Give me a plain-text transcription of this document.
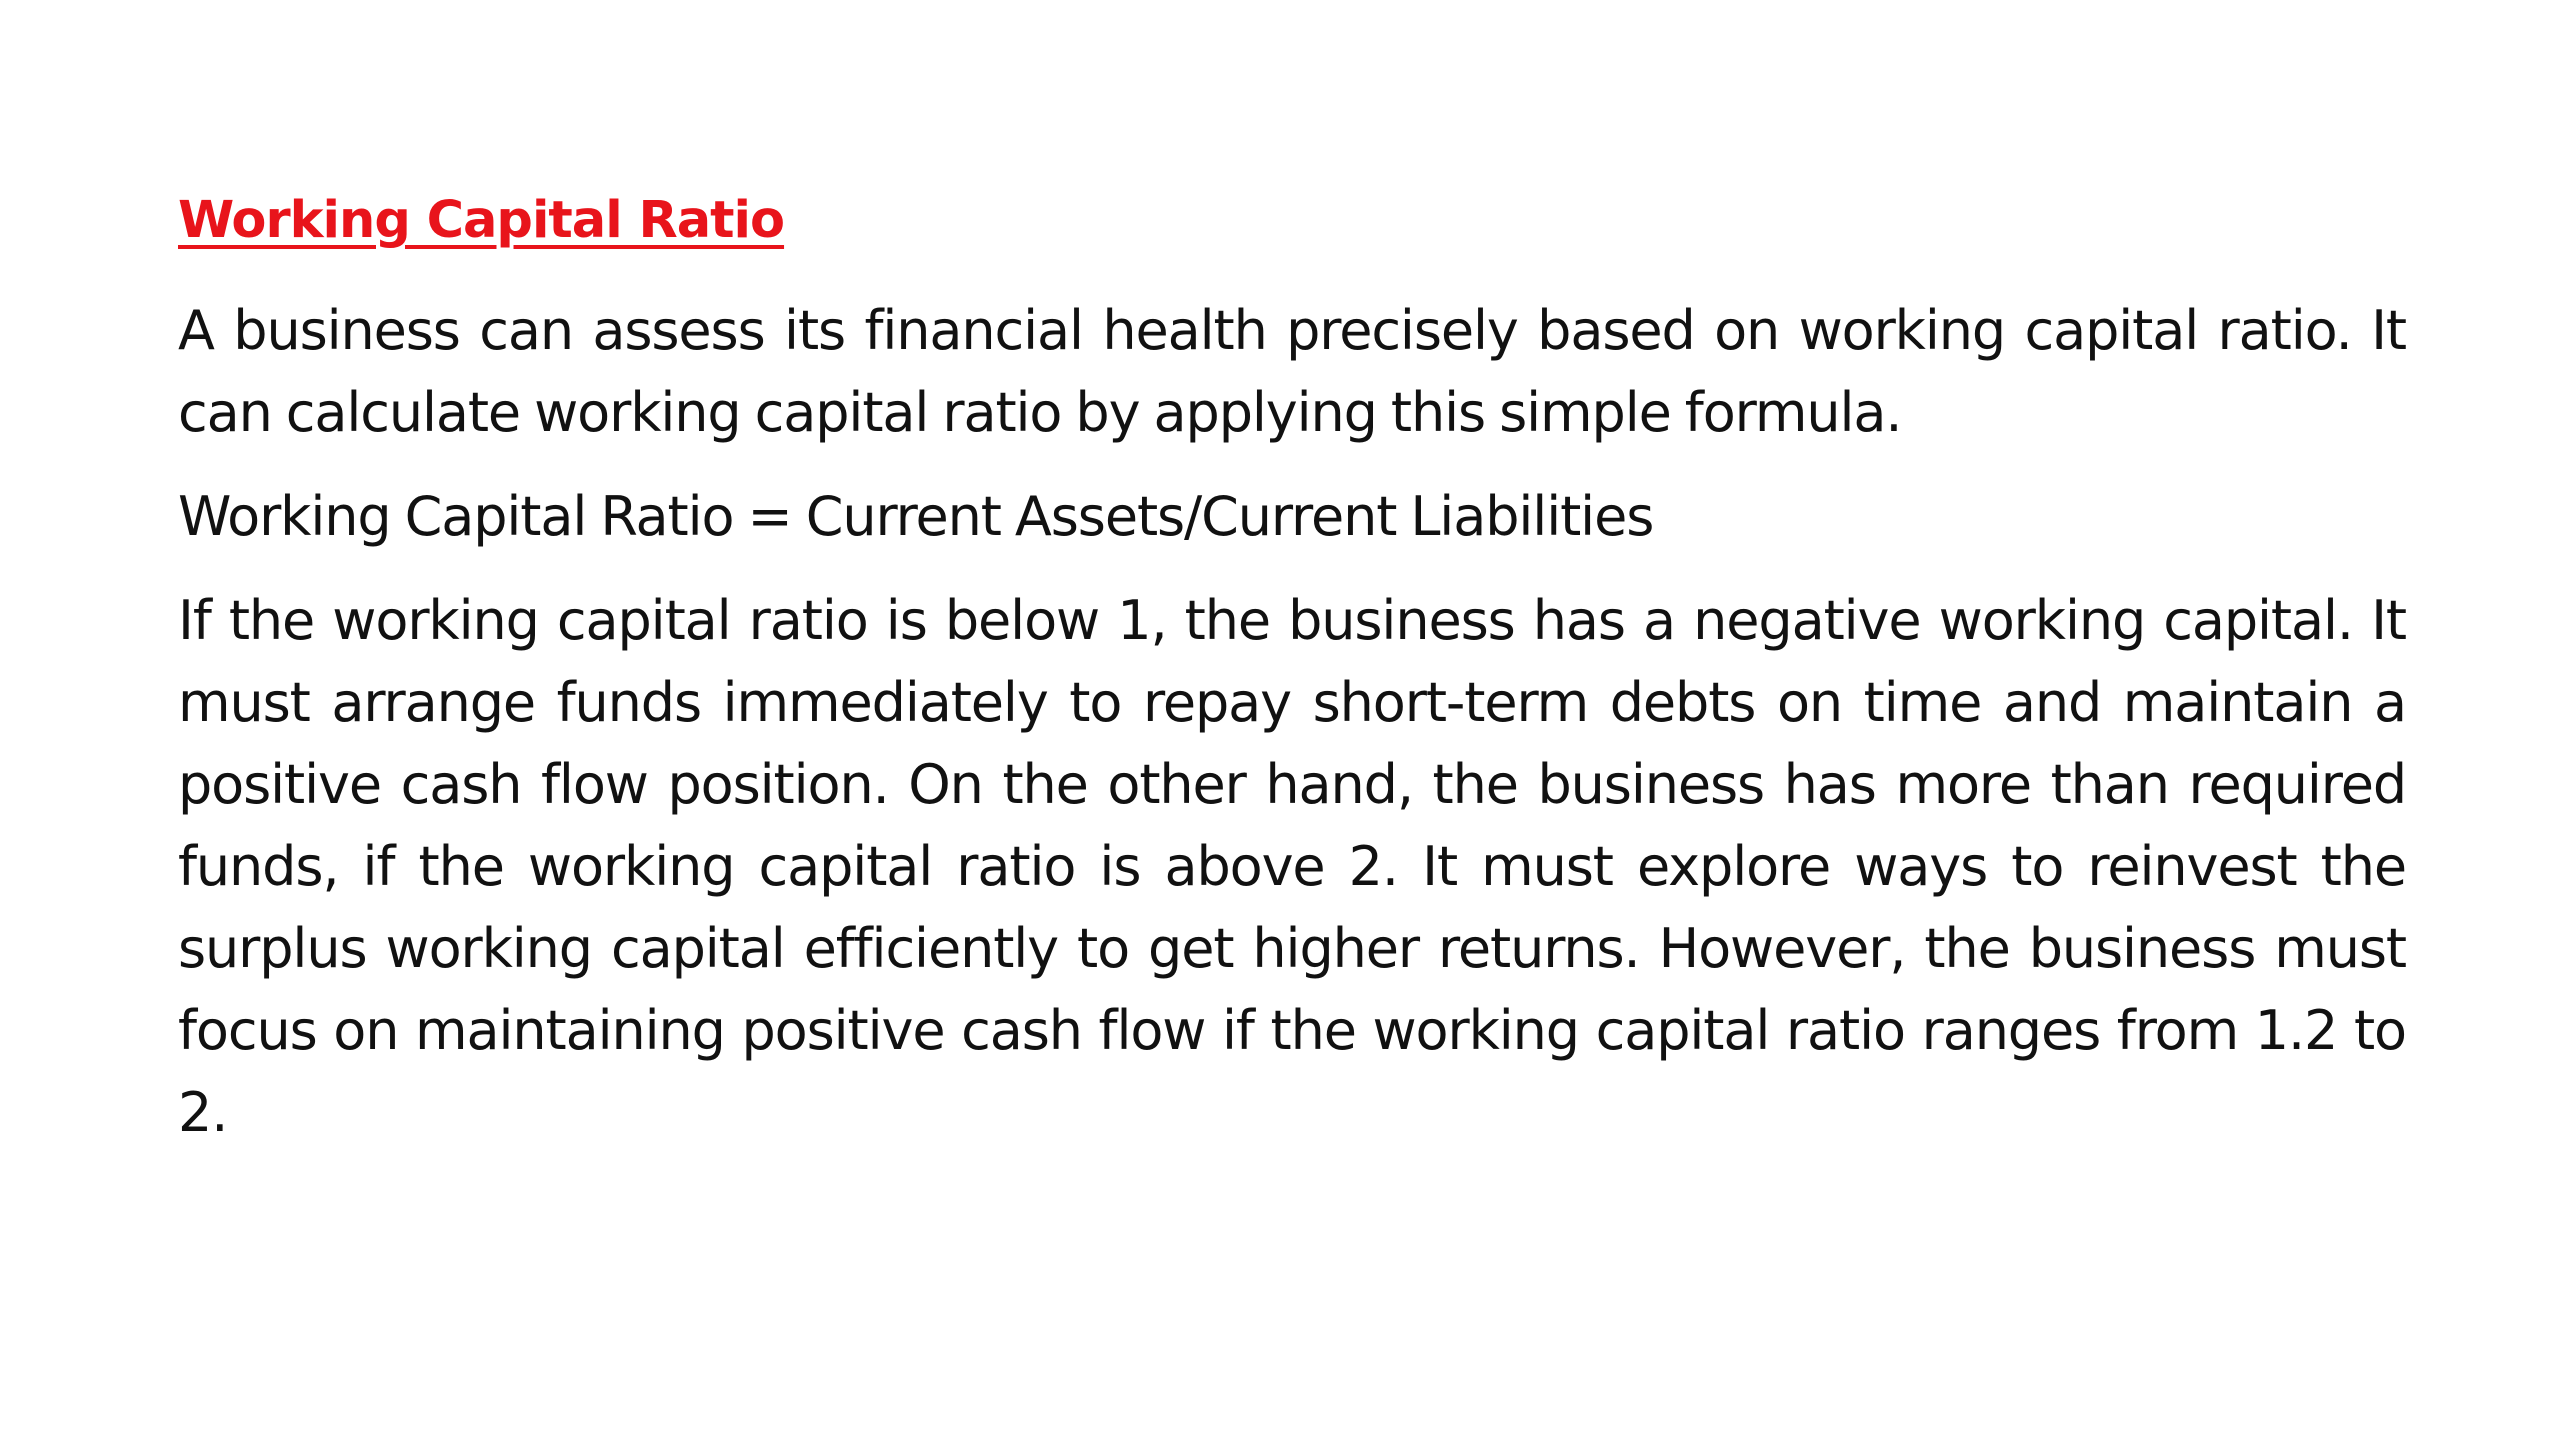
Working Capital Ratio

A business can assess its financial health precisely based on working capital ratio. It can calculate working capital ratio by applying this simple formula.

Working Capital Ratio = Current Assets/Current Liabilities

If the working capital ratio is below 1, the business has a negative working capital. It must arrange funds immediately to repay short-term debts on time and maintain a positive cash flow position. On the other hand, the business has more than required funds, if the working capital ratio is above 2. It must explore ways to reinvest the surplus working capital efficiently to get higher returns. However, the business must focus on maintaining positive cash flow if the working capital ratio ranges from 1.2 to 2.
